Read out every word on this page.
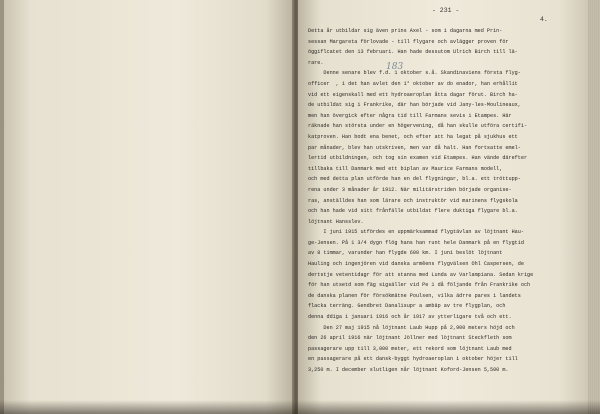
- 231 -
4.
183
Detta år utbildar sig även prins Axel - som i dagarna med Prin-
sessan Margareta förlovade - till flygare och avlägger proven för
öggiflcatet den 13 februari. Han hade dessutom Ulrich Birch till lä-
rare.
Denne senare blev f.d. 1 oktober s.å. Skandinaviens första flyg-
officer  , i det han avlet den 1° oktober av do enador, han erhållit
vid ett eigenskall med ett hydroaeroplan åtta dagar förut. Birch ha-
de utbildat sig i Frankrike, där han började vid Jany-les-Moulineaux,
men han övergick efter några tid till Farmans sevis i Etampes. Här
räknade han största under en högervening, då han skulle utföra certifi-
katproven. Han bodt ena benet, och efter att ha legat på sjukhus ett
par månader, blev han utskriven, men var då halt. Han fortsatte emel-
lertid utbildningen, och tog sin examen vid Etampes. Han vände därefter
tillbaka till Danmark med ett biplan av Maurice Farmans modell,
och med detta plan utförde han en del flygningar, bl.a. ett tröttupp-
rena under 3 månader år 1912. När militärstriden började organise-
ras, anställdes han som lärare och instruktör vid marinens flygskola
och han hade vid sitt frånfälle utbildat flere duktiga flygare bl.a.
löjtnant Hansslev.
I juni 1915 utfördes en uppmärksammad flygtävlan av löjtnant Hau-
ge-Jensen. På 1 3/4 dygn flög hans han runt hele Danmark på en flygtid
av 8 timmar, varunder han flygde 600 km. I juni beslöt löjtnant
Hauling och ingenjören vid danska armêens flygvälsen Ohl Caspersen, de
dertstje vetentidagr för att stanna med Lunda av Varlampiana. Sedan krige
för han utsetd som fäg sigsäller vid Pe 1 då följande från Frankrike och
de danska planen för försökmätne Poulsen, vilka ädrre pares i landets
flacka terräng. Gendbret Danalisupr a ambäp av tre flygplan, och
denna ddiga i januari 1916 och år 1917 av ytterligare två och ett.
Den 27 maj 1915 nå löjtnant Laub Hupp på 2,900 meters höjd och
den 26 april 1916 när löjtnant Jöllner med löjtnant Steckfleth som
passagerare upp till 3,000 meter, ett rekord som löjtnant Laub med
en passagerare på ett dansk-byggt hydroaeroplan i oktober höjer till
3,250 m. I december slutligen når löjtnant Koford-Jensen 5,500 m.
